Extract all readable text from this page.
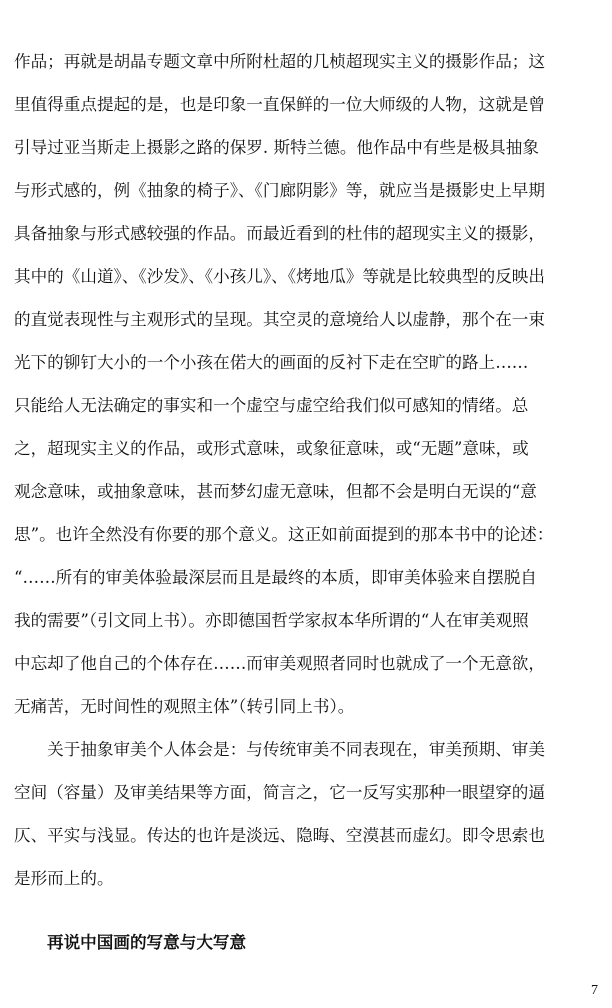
作品；再就是胡晶专题文章中所附杜超的几桢超现实主义的摄影作品；这
里值得重点提起的是，也是印象一直保鲜的一位大师级的人物，这就是曾
引导过亚当斯走上摄影之路的保罗. 斯特兰德。他作品中有些是极具抽象
与形式感的，例《抽象的椅子》、《门廊阴影》等，就应当是摄影史上早期
具备抽象与形式感较强的作品。而最近看到的杜伟的超现实主义的摄影，
其中的《山道》、《沙发》、《小孩儿》、《烤地瓜》等就是比较典型的反映出
的直觉表现性与主观形式的呈现。其空灵的意境给人以虚静，那个在一束
光下的铆钉大小的一个小孩在偌大的画面的反衬下走在空旷的路上……
只能给人无法确定的事实和一个虚空与虚空给我们似可感知的情绪。总
之，超现实主义的作品，或形式意味，或象征意味，或“无题”意味，或
观念意味，或抽象意味，甚而梦幻虚无意味，但都不会是明白无误的“意
思”。也许全然没有你要的那个意义。这正如前面提到的那本书中的论述：
“……所有的审美体验最深层而且是最终的本质，即审美体验来自摆脱自
我的需要”（引文同上书）。亦即德国哲学家叔本华所谓的“人在审美观照
中忘却了他自己的个体存在……而审美观照者同时也就成了一个无意欲，
无痛苦，无时间性的观照主体”（转引同上书）。
　　关于抽象审美个人体会是：与传统审美不同表现在，审美预期、审美
空间（容量）及审美结果等方面，简言之，它一反写实那种一眼望穿的逼
仄、平实与浅显。传达的也许是淡远、隐晦、空漠甚而虚幻。即令思索也
是形而上的。
再说中国画的写意与大写意
7
